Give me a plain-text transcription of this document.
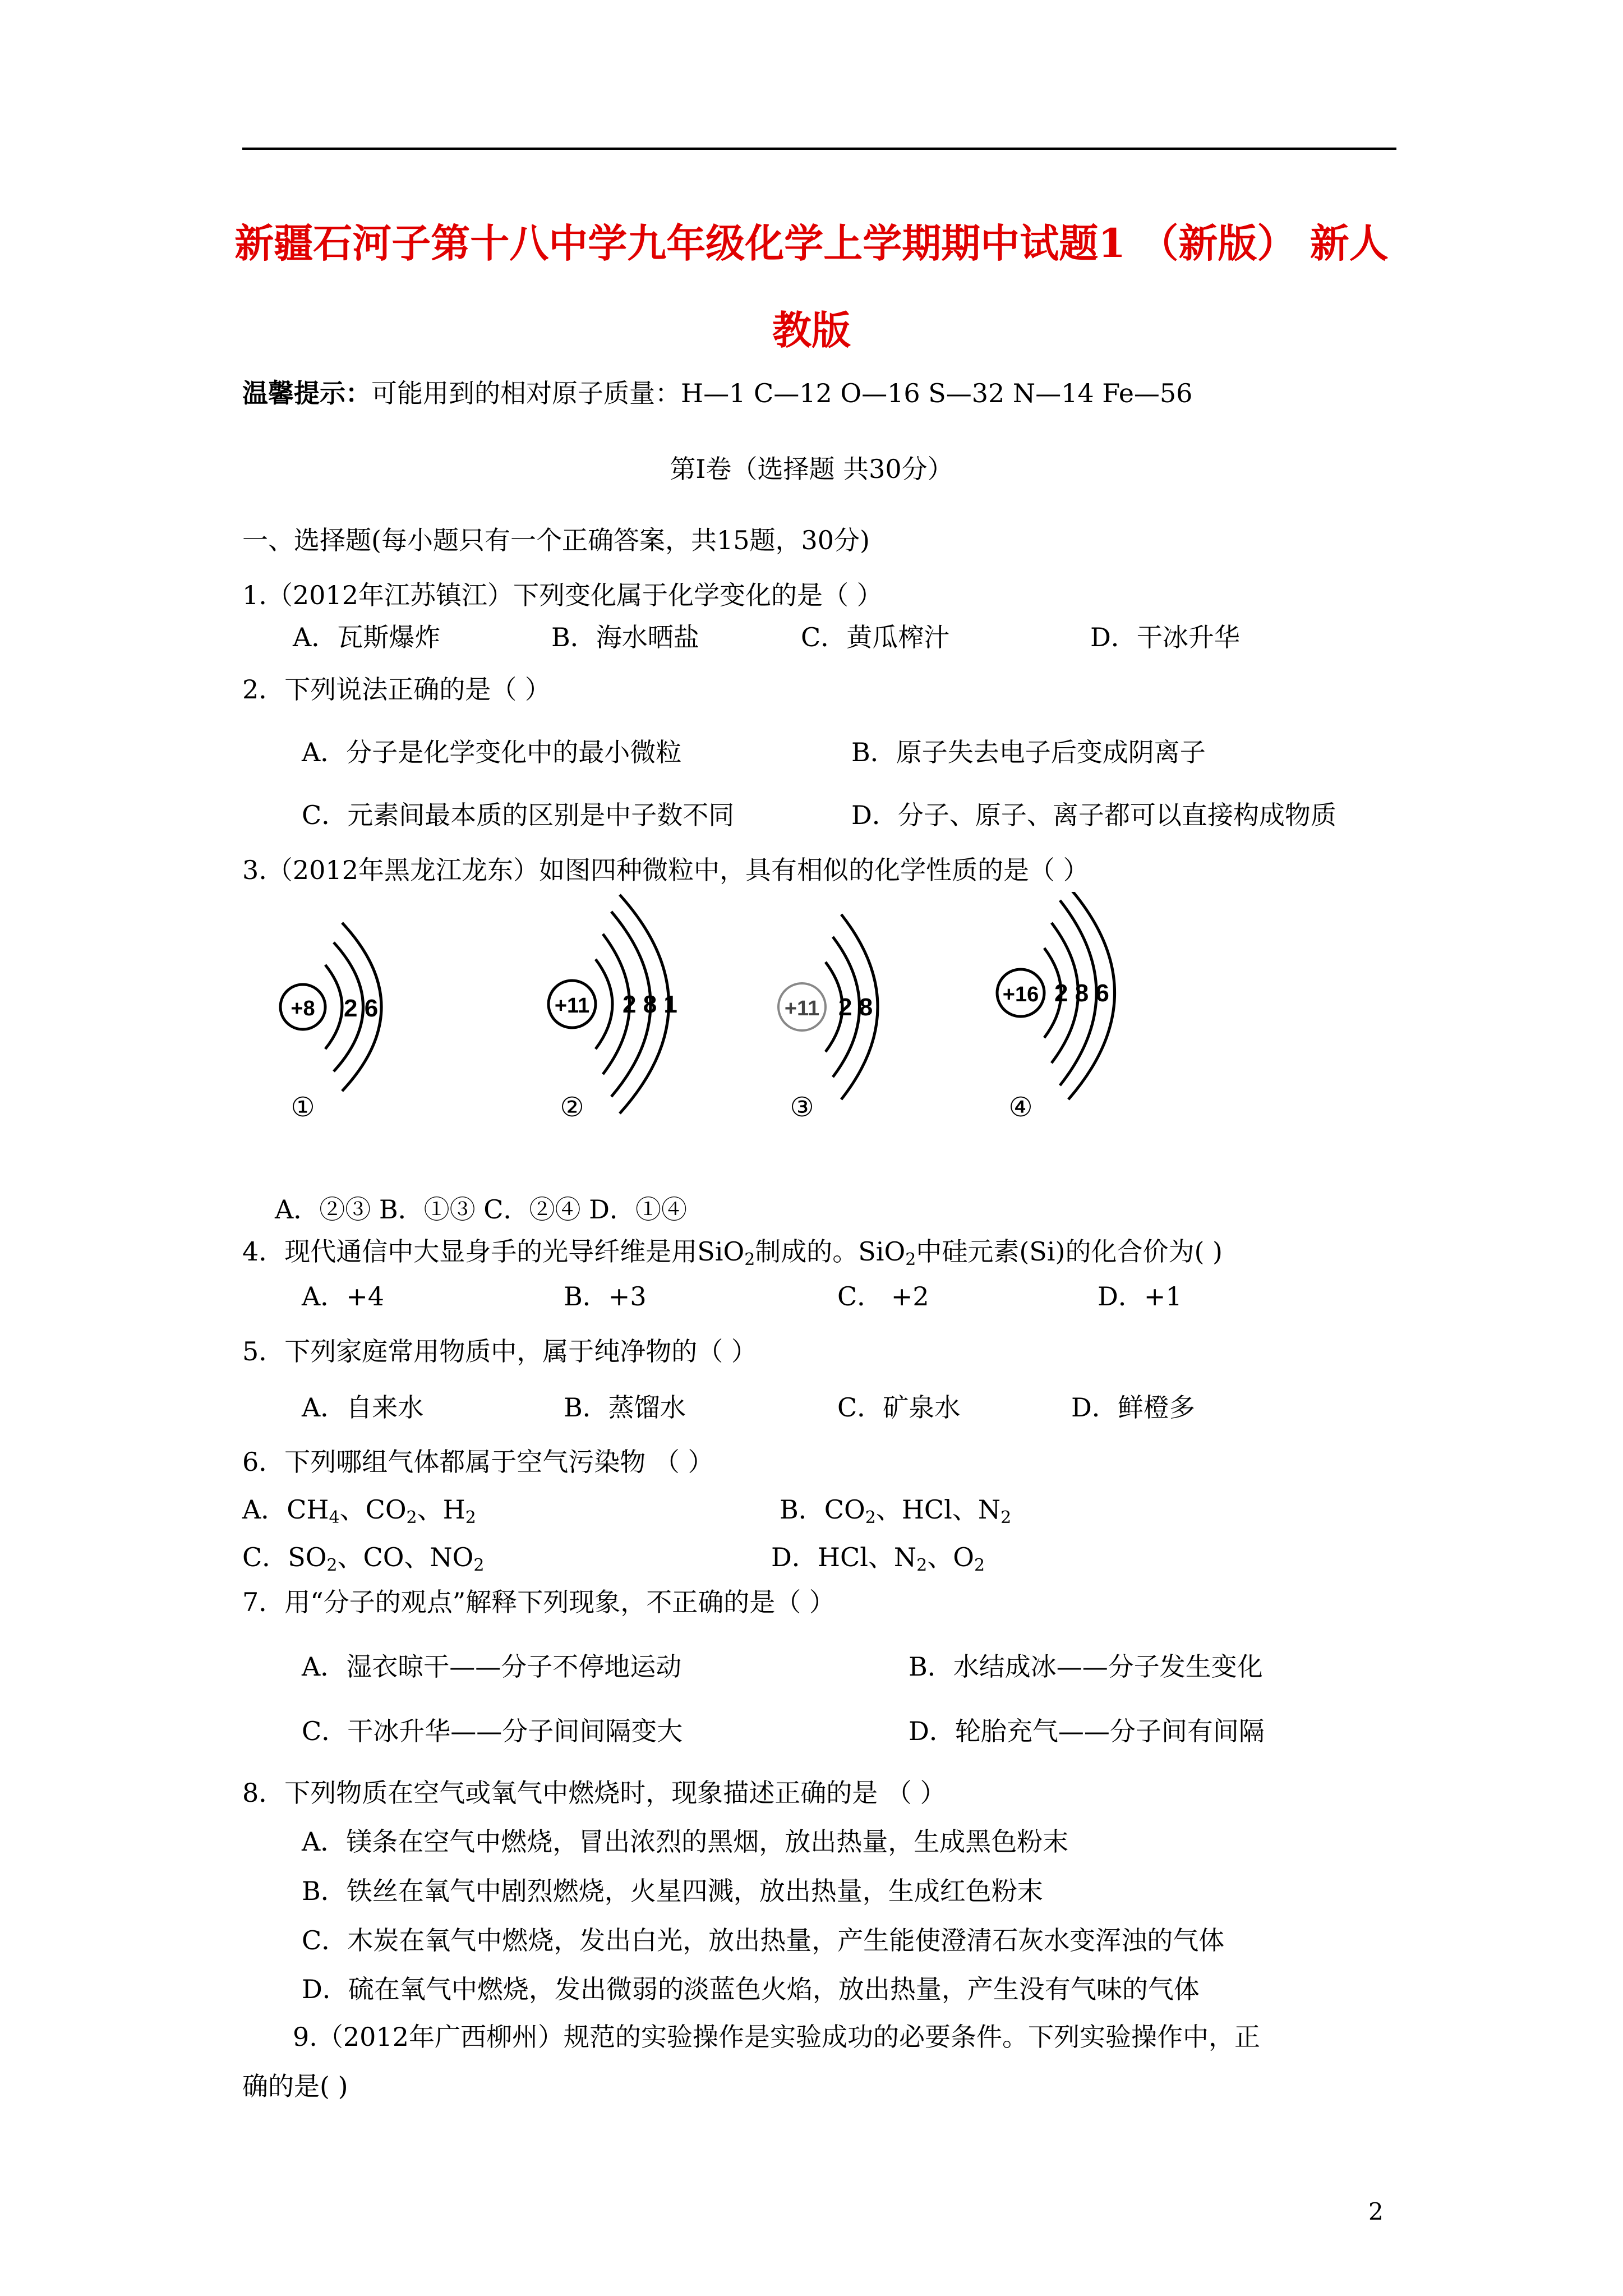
新疆石河子第十八中学九年级化学上学期期中试题1 （新版） 新人
教版
温馨提示：可能用到的相对原子质量：H—1 C—12 O—16 S—32 N—14 Fe—56
第Ⅰ卷（选择题 共30分）
一、选择题(每小题只有一个正确答案，共15题，30分)
1.（2012年江苏镇江）下列变化属于化学变化的是（ ）
A．瓦斯爆炸	B．海水晒盐	C．黄瓜榨汁	D．干冰升华
2．下列说法正确的是（ ）
A．分子是化学变化中的最小微粒	B．原子失去电子后变成阴离子
C．元素间最本质的区别是中子数不同	D．分子、原子、离子都可以直接构成物质
3.（2012年黑龙江龙东）如图四种微粒中，具有相似的化学性质的是（ ）
+8 2 6
①
+11 2 8 1
②
+11 2 8
③
+16 2 8 6
④
A．②③ B．①③ C．②④ D．①④
4．现代通信中大显身手的光导纤维是用SiO$_2$制成的。SiO$_2$中硅元素(Si)的化合价为( )
A．+4	B．+3	C． +2	D．+1
5．下列家庭常用物质中，属于纯净物的（ ）
A．自来水	B．蒸馏水	C．矿泉水	D．鲜橙多
6．下列哪组气体都属于空气污染物 （ ）
A．$CH_4$、$CO_2$、$H_2$	B．$CO_2$、HCl、$N_2$
C．$SO_2$、CO、$NO_2$	D．HCl、$N_2$、$O_2$
7．用“分子的观点”解释下列现象，不正确的是（ ）
A．湿衣晾干——分子不停地运动	B．水结成冰——分子发生变化
C．干冰升华——分子间间隔变大	D．轮胎充气——分子间有间隔
8．下列物质在空气或氧气中燃烧时，现象描述正确的是 （ ）
A．镁条在空气中燃烧，冒出浓烈的黑烟，放出热量，生成黑色粉末
B．铁丝在氧气中剧烈燃烧，火星四溅，放出热量，生成红色粉末
C．木炭在氧气中燃烧，发出白光，放出热量，产生能使澄清石灰水变浑浊的气体
D．硫在氧气中燃烧，发出微弱的淡蓝色火焰，放出热量，产生没有气味的气体
9.（2012年广西柳州）规范的实验操作是实验成功的必要条件。下列实验操作中，正
确的是( )
2
